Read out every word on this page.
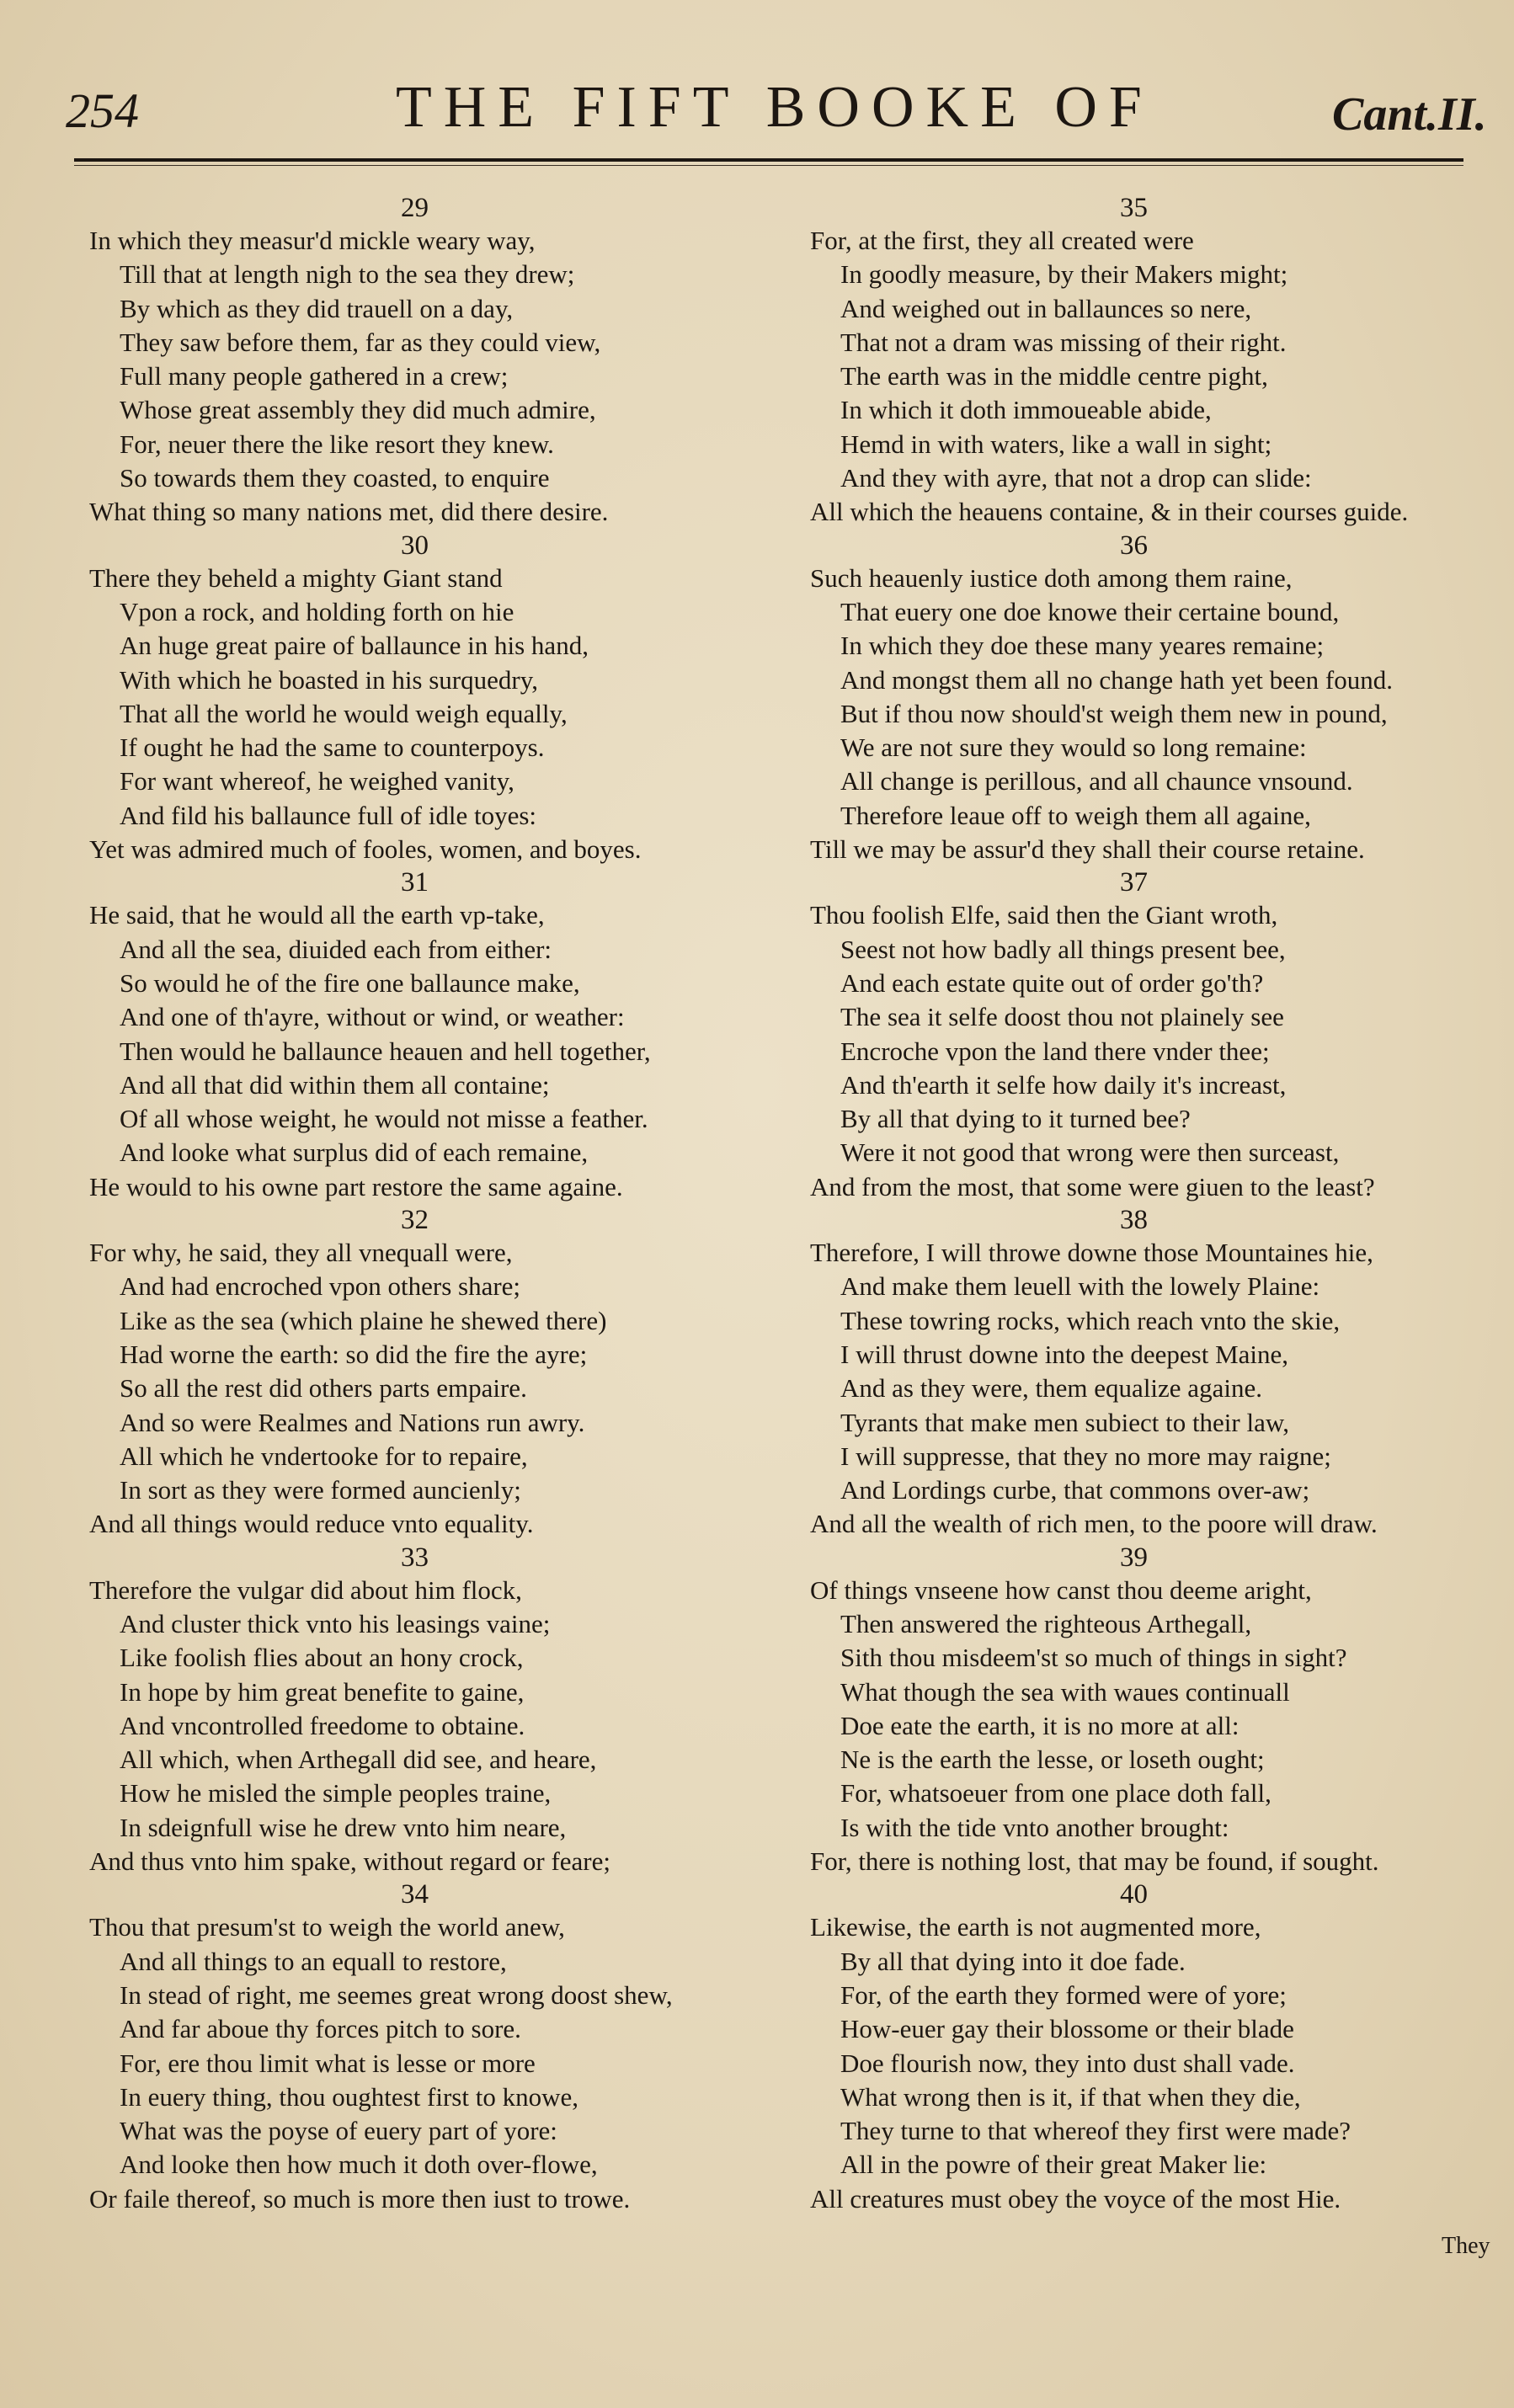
254	THE FIFT BOOKE OF	Cant.II.
29
In which they measur'd mickle weary way,
Till that at length nigh to the sea they drew;
By which as they did trauell on a day,
They saw before them, far as they could view,
Full many people gathered in a crew;
Whose great assembly they did much admire,
For, neuer there the like resort they knew.
So towards them they coasted, to enquire
What thing so many nations met, did there desire.
30
There they beheld a mighty Giant stand
Vpon a rock, and holding forth on hie
An huge great paire of ballaunce in his hand,
With which he boasted in his surquedry,
That all the world he would weigh equally,
If ought he had the same to counterpoys.
For want whereof, he weighed vanity,
And fild his ballaunce full of idle toyes:
Yet was admired much of fooles, women, and boyes.
31
He said, that he would all the earth vp-take,
And all the sea, diuided each from either:
So would he of the fire one ballaunce make,
And one of th'ayre, without or wind, or weather:
Then would he ballaunce heauen and hell together,
And all that did within them all containe;
Of all whose weight, he would not misse a feather.
And looke what surplus did of each remaine,
He would to his owne part restore the same againe.
32
For why, he said, they all vnequall were,
And had encroched vpon others share;
Like as the sea (which plaine he shewed there)
Had worne the earth: so did the fire the ayre;
So all the rest did others parts empaire.
And so were Realmes and Nations run awry.
All which he vndertooke for to repaire,
In sort as they were formed auncienly;
And all things would reduce vnto equality.
33
Therefore the vulgar did about him flock,
And cluster thick vnto his leasings vaine;
Like foolish flies about an hony crock,
In hope by him great benefite to gaine,
And vncontrolled freedome to obtaine.
All which, when Arthegall did see, and heare,
How he misled the simple peoples traine,
In sdeignfull wise he drew vnto him neare,
And thus vnto him spake, without regard or feare;
34
Thou that presum'st to weigh the world anew,
And all things to an equall to restore,
In stead of right, me seemes great wrong doost shew,
And far aboue thy forces pitch to sore.
For, ere thou limit what is lesse or more
In euery thing, thou oughtest first to knowe,
What was the poyse of euery part of yore:
And looke then how much it doth over-flowe,
Or faile thereof, so much is more then iust to trowe.
35
For, at the first, they all created were
In goodly measure, by their Makers might;
And weighed out in ballaunces so nere,
That not a dram was missing of their right.
The earth was in the middle centre pight,
In which it doth immoueable abide,
Hemd in with waters, like a wall in sight;
And they with ayre, that not a drop can slide:
All which the heauens containe, & in their courses guide.
36
Such heauenly iustice doth among them raine,
That euery one doe knowe their certaine bound,
In which they doe these many yeares remaine;
And mongst them all no change hath yet been found.
But if thou now should'st weigh them new in pound,
We are not sure they would so long remaine:
All change is perillous, and all chaunce vnsound.
Therefore leaue off to weigh them all againe,
Till we may be assur'd they shall their course retaine.
37
Thou foolish Elfe, said then the Giant wroth,
Seest not how badly all things present bee,
And each estate quite out of order go'th?
The sea it selfe doost thou not plainely see
Encroche vpon the land there vnder thee;
And th'earth it selfe how daily it's increast,
By all that dying to it turned bee?
Were it not good that wrong were then surceast,
And from the most, that some were giuen to the least?
38
Therefore, I will throwe downe those Mountaines hie,
And make them leuell with the lowely Plaine:
These towring rocks, which reach vnto the skie,
I will thrust downe into the deepest Maine,
And as they were, them equalize againe.
Tyrants that make men subiect to their law,
I will suppresse, that they no more may raigne;
And Lordings curbe, that commons over-aw;
And all the wealth of rich men, to the poore will draw.
39
Of things vnseene how canst thou deeme aright,
Then answered the righteous Arthegall,
Sith thou misdeem'st so much of things in sight?
What though the sea with waues continuall
Doe eate the earth, it is no more at all:
Ne is the earth the lesse, or loseth ought;
For, whatsoeuer from one place doth fall,
Is with the tide vnto another brought:
For, there is nothing lost, that may be found, if sought.
40
Likewise, the earth is not augmented more,
By all that dying into it doe fade.
For, of the earth they formed were of yore;
How-euer gay their blossome or their blade
Doe flourish now, they into dust shall vade.
What wrong then is it, if that when they die,
They turne to that whereof they first were made?
All in the powre of their great Maker lie:
All creatures must obey the voyce of the most Hie.
They
